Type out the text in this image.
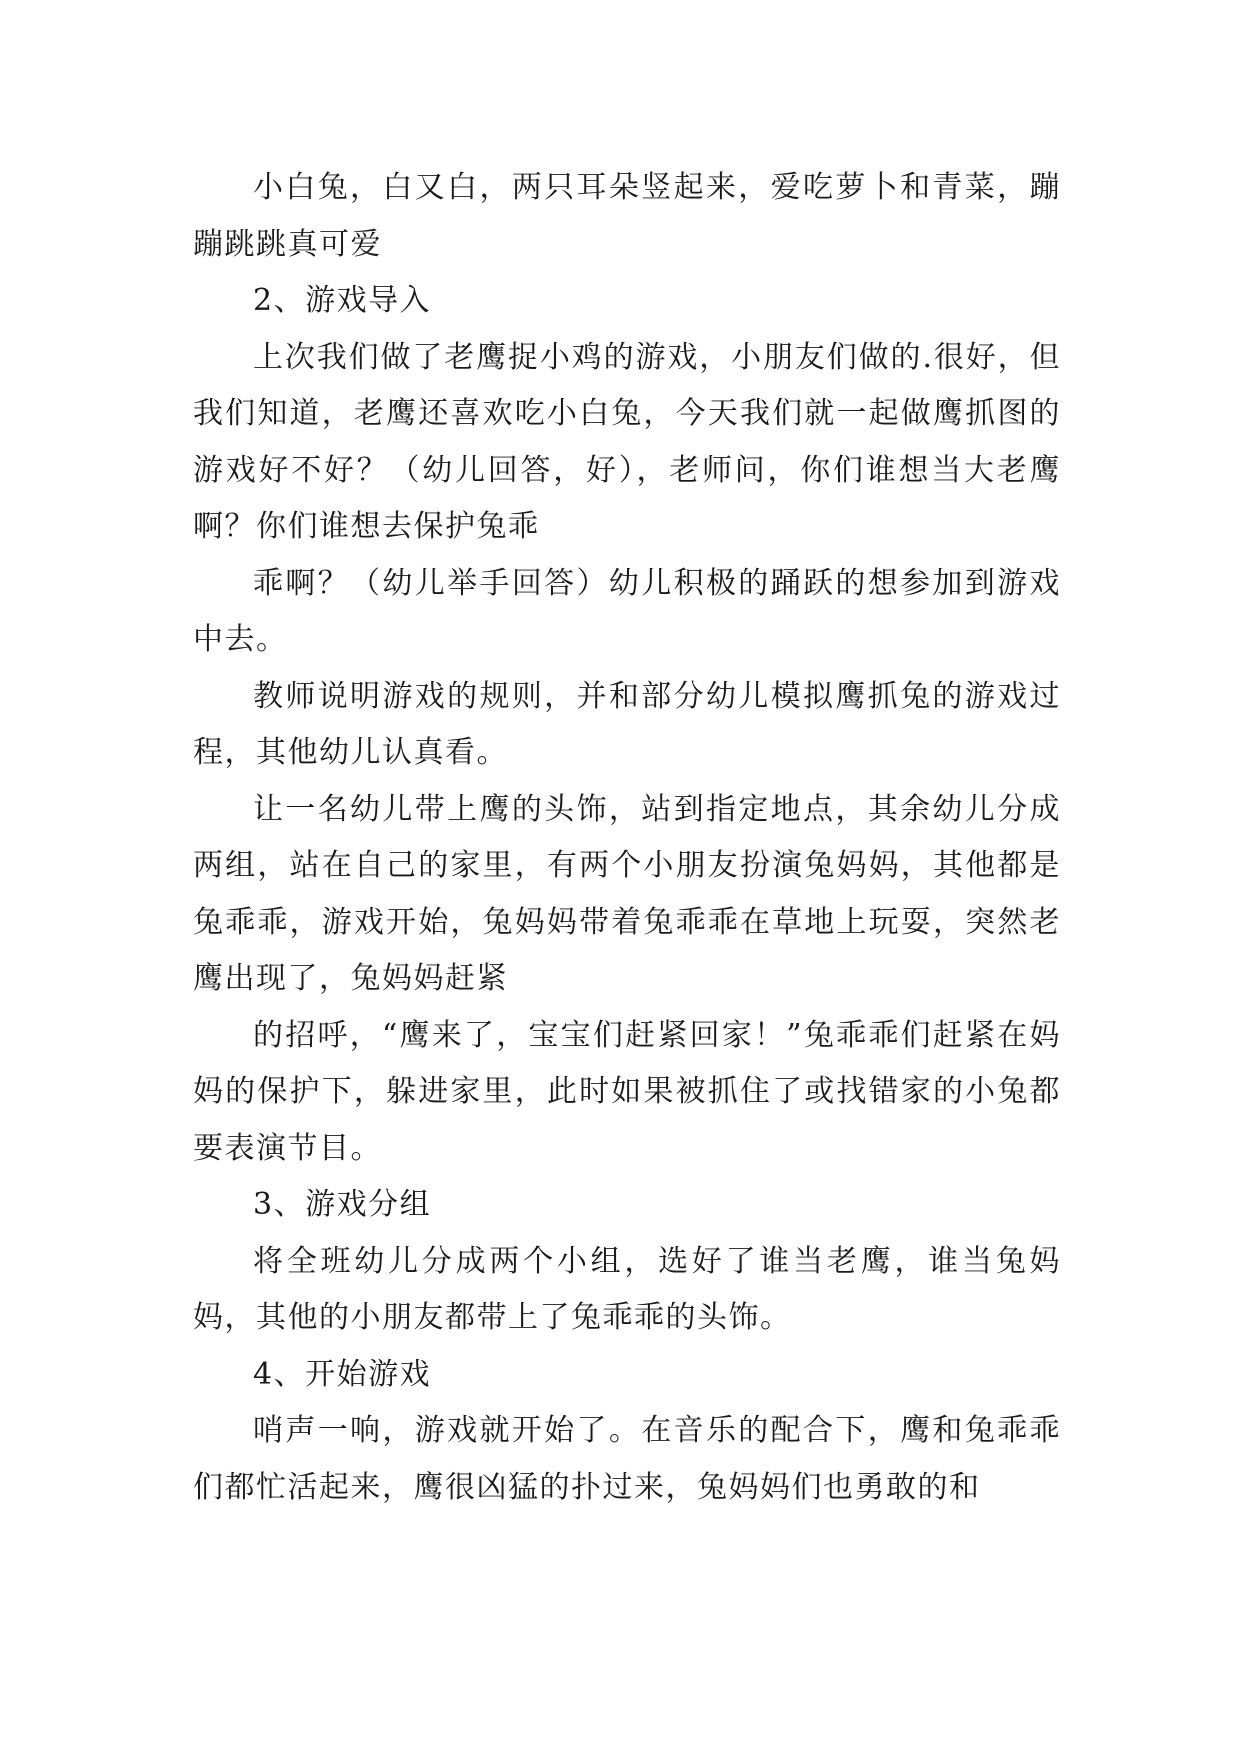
小白兔，白又白，两只耳朵竖起来，爱吃萝卜和青菜，蹦蹦跳跳真可爱

2、游戏导入

上次我们做了老鹰捉小鸡的游戏，小朋友们做的.很好，但我们知道，老鹰还喜欢吃小白兔，今天我们就一起做鹰抓图的游戏好不好？（幼儿回答，好），老师问，你们谁想当大老鹰啊？你们谁想去保护兔乖

乖啊？（幼儿举手回答）幼儿积极的踊跃的想参加到游戏中去。

教师说明游戏的规则，并和部分幼儿模拟鹰抓兔的游戏过程，其他幼儿认真看。

让一名幼儿带上鹰的头饰，站到指定地点，其余幼儿分成两组，站在自己的家里，有两个小朋友扮演兔妈妈，其他都是兔乖乖，游戏开始，兔妈妈带着兔乖乖在草地上玩耍，突然老鹰出现了，兔妈妈赶紧

的招呼，“鹰来了，宝宝们赶紧回家！”兔乖乖们赶紧在妈妈的保护下，躲进家里，此时如果被抓住了或找错家的小兔都要表演节目。

3、游戏分组

将全班幼儿分成两个小组，选好了谁当老鹰，谁当兔妈妈，其他的小朋友都带上了兔乖乖的头饰。

4、开始游戏

哨声一响，游戏就开始了。在音乐的配合下，鹰和兔乖乖们都忙活起来，鹰很凶猛的扑过来，兔妈妈们也勇敢的和
